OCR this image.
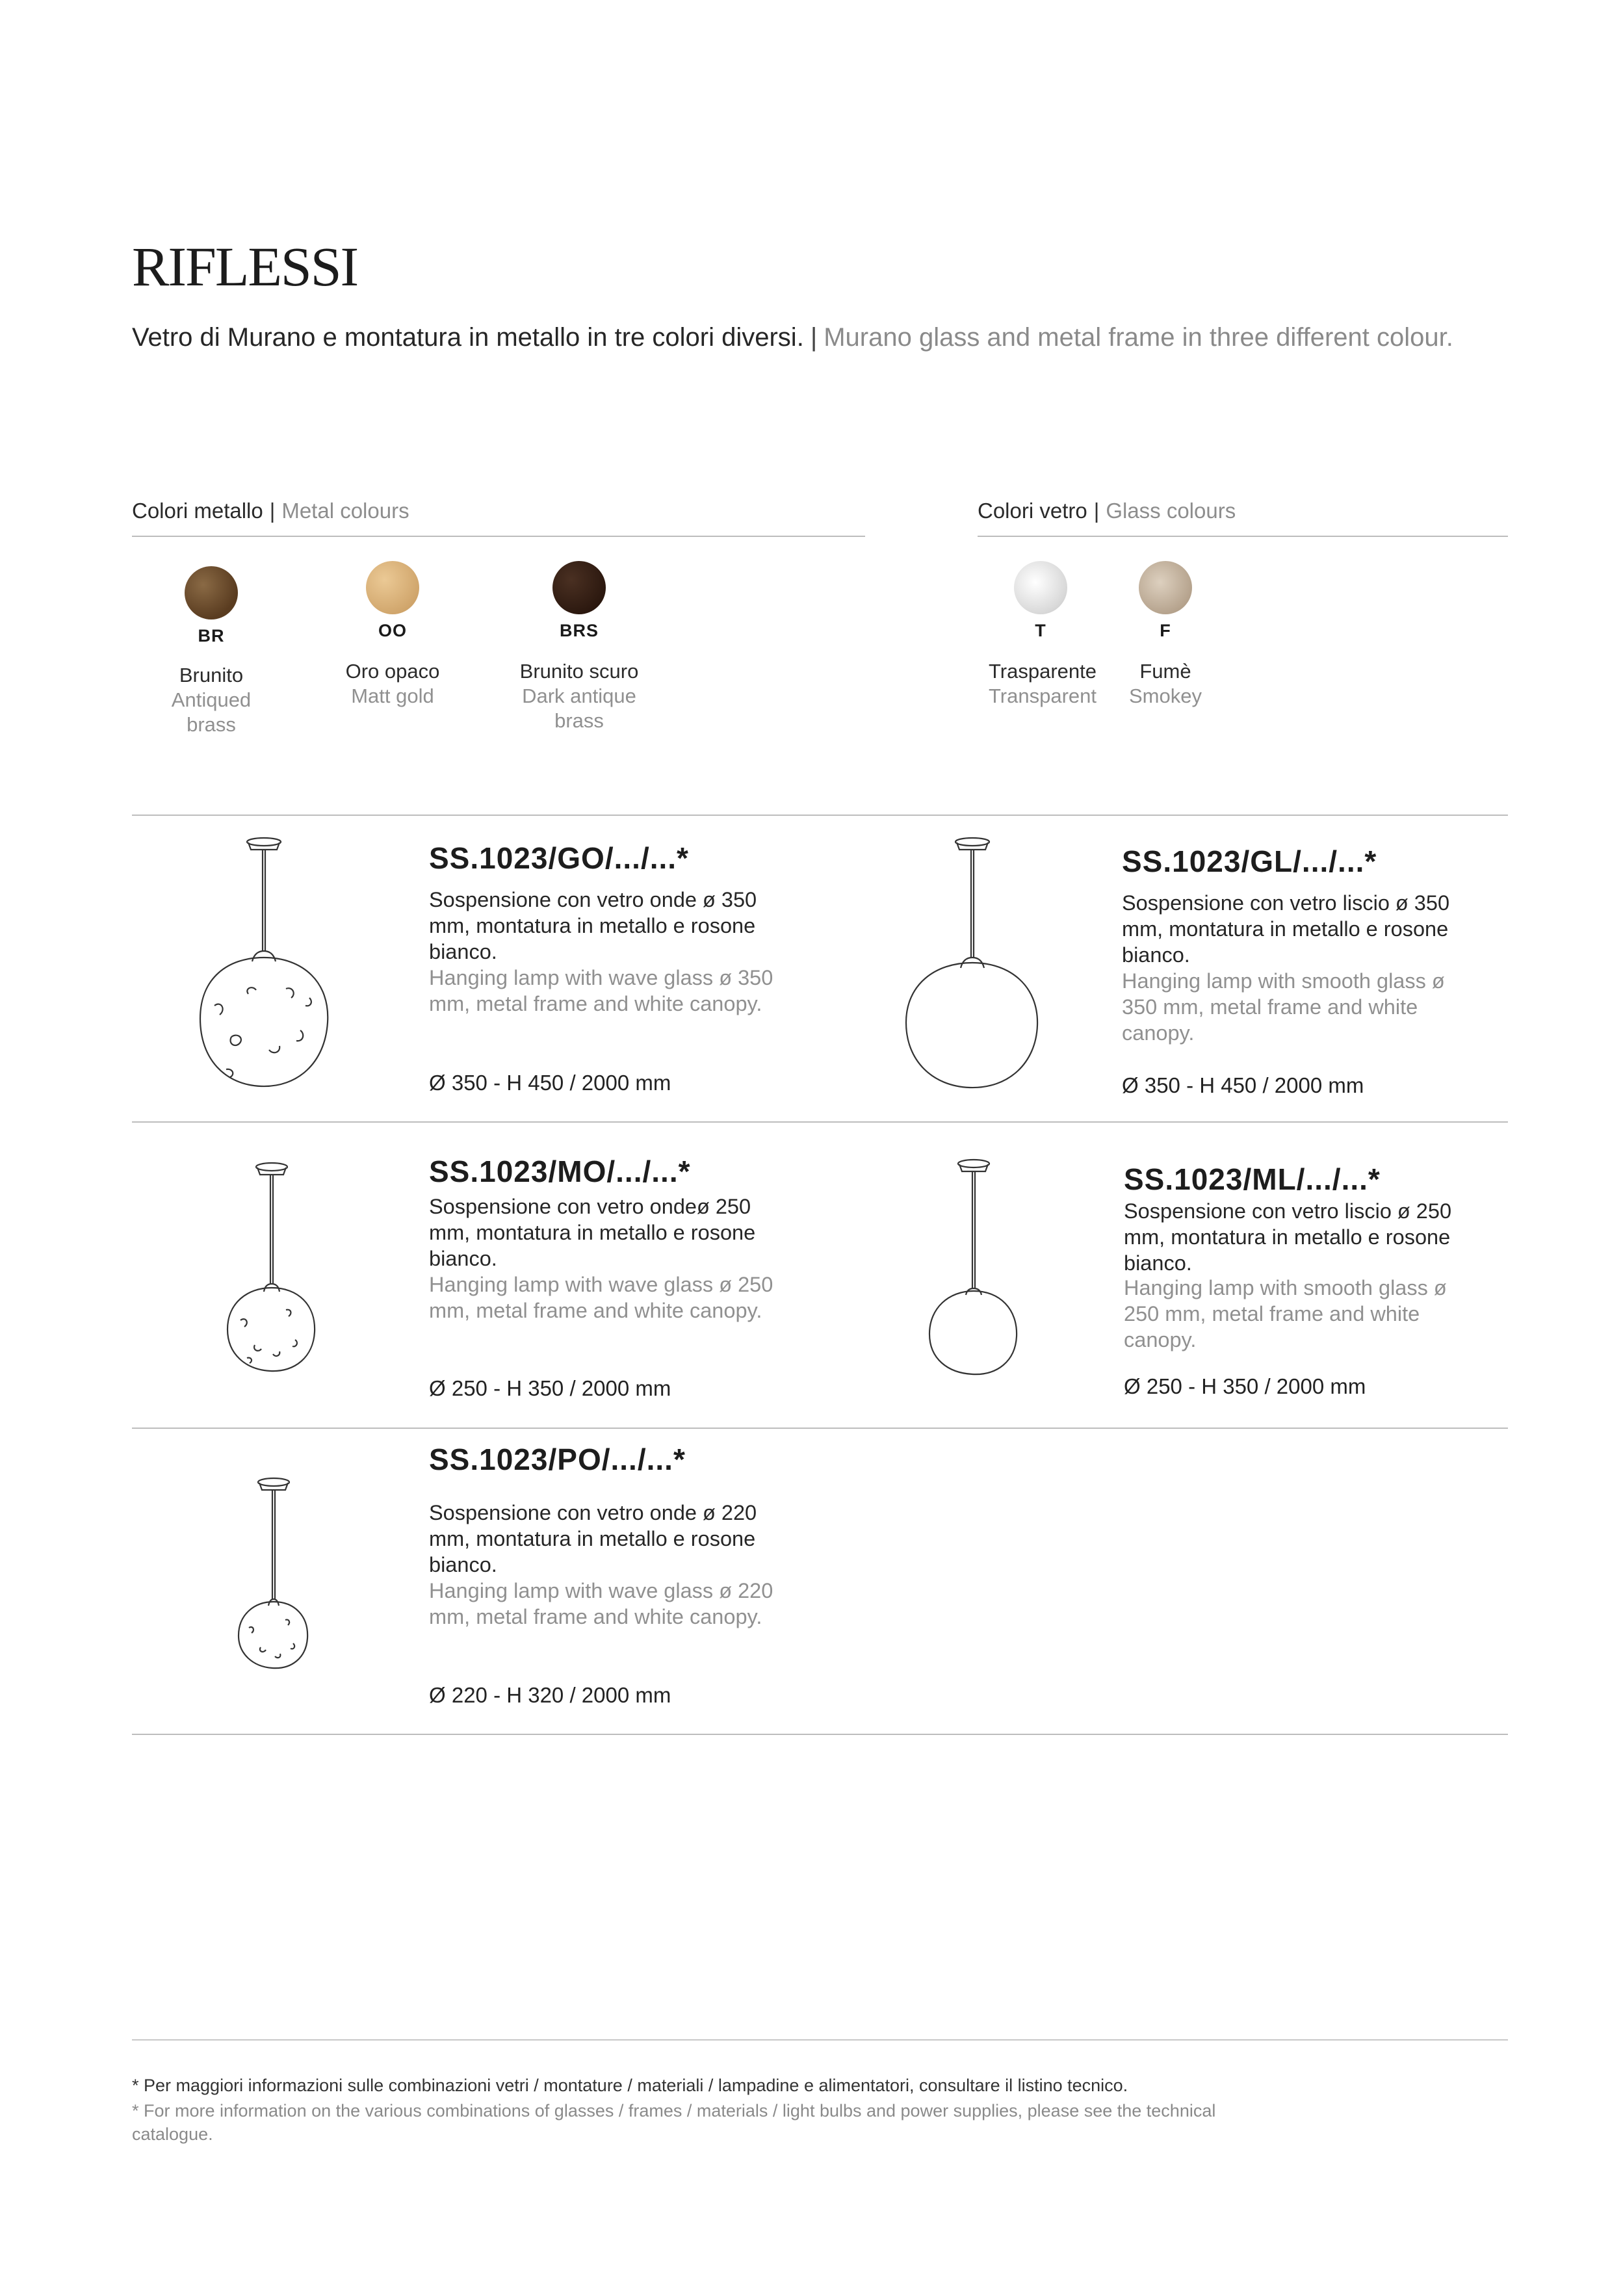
RIFLESSI
Vetro di Murano e montatura in metallo in tre colori diversi. | Murano glass and metal frame in three different colour.
Colori metallo | Metal colours
BR
Brunito
Antiqued brass
OO
Oro opaco
Matt gold
BRS
Brunito scuro
Dark antique brass
Colori vetro | Glass colours
T
Trasparente
Transparent
F
Fumè
Smokey
SS.1023/GO/.../...*
Sospensione con vetro onde ø 350 mm, montatura in metallo e rosone bianco.
Hanging lamp with wave glass ø 350 mm, metal frame and white canopy.
Ø 350 - H 450 / 2000 mm
SS.1023/GL/.../...*
Sospensione con vetro liscio ø 350 mm, montatura in metallo e rosone bianco.
Hanging lamp with smooth glass ø 350 mm, metal frame and white canopy.
Ø 350 - H 450 / 2000 mm
SS.1023/MO/.../...*
Sospensione con vetro ondeø 250 mm, montatura in metallo e rosone bianco.
Hanging lamp with wave glass ø 250 mm, metal frame and white canopy.
Ø 250 - H 350 / 2000 mm
SS.1023/ML/.../...*
Sospensione con vetro liscio ø 250 mm, montatura in metallo e rosone bianco.
Hanging lamp with smooth glass ø 250 mm, metal frame and white canopy.
Ø 250 - H 350 / 2000 mm
SS.1023/PO/.../...*
Sospensione con vetro onde ø 220 mm, montatura in metallo e rosone bianco.
Hanging lamp with wave glass ø 220 mm, metal frame and white canopy.
Ø 220 - H 320 / 2000 mm
* Per maggiori informazioni sulle combinazioni vetri / montature / materiali / lampadine e alimentatori, consultare il listino tecnico.
* For more information on the various combinations of glasses / frames / materials / light bulbs and power supplies, please see the technical catalogue.
